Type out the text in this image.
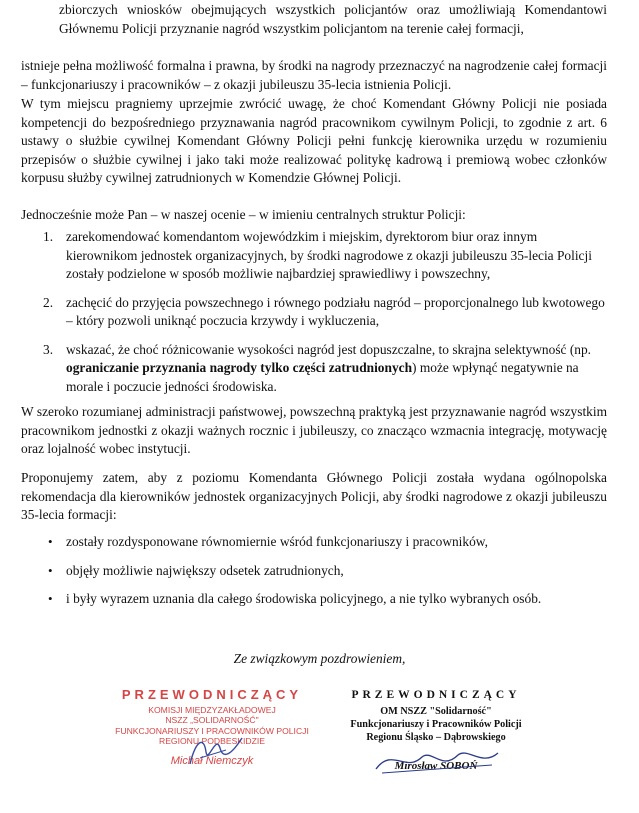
zbiorczych wniosków obejmujących wszystkich policjantów oraz umożliwiają Komendantowi Głównemu Policji przyznanie nagród wszystkim policjantom na terenie całej formacji,

istnieje pełna możliwość formalna i prawna, by środki na nagrody przeznaczyć na nagrodzenie całej formacji – funkcjonariuszy i pracowników – z okazji jubileuszu 35-lecia istnienia Policji.

W tym miejscu pragniemy uprzejmie zwrócić uwagę, że choć Komendant Główny Policji nie posiada kompetencji do bezpośredniego przyznawania nagród pracownikom cywilnym Policji, to zgodnie z art. 6 ustawy o służbie cywilnej Komendant Główny Policji pełni funkcję kierownika urzędu w rozumieniu przepisów o służbie cywilnej i jako taki może realizować politykę kadrową i premiową wobec członków korpusu służby cywilnej zatrudnionych w Komendzie Głównej Policji.

Jednocześnie może Pan – w naszej ocenie – w imieniu centralnych struktur Policji:

1. zarekomendować komendantom wojewódzkim i miejskim, dyrektorom biur oraz innym kierownikom jednostek organizacyjnych, by środki nagrodowe z okazji jubileuszu 35-lecia Policji zostały podzielone w sposób możliwie najbardziej sprawiedliwy i powszechny,
2. zachęcić do przyjęcia powszechnego i równego podziału nagród – proporcjonalnego lub kwotowego – który pozwoli uniknąć poczucia krzywdy i wykluczenia,
3. wskazać, że choć różnicowanie wysokości nagród jest dopuszczalne, to skrajna selektywność (np. ograniczanie przyznania nagrody tylko części zatrudnionych) może wpłynąć negatywnie na morale i poczucie jedności środowiska.

W szeroko rozumianej administracji państwowej, powszechną praktyką jest przyznawanie nagród wszystkim pracownikom jednostki z okazji ważnych rocznic i jubileuszy, co znacząco wzmacnia integrację, motywację oraz lojalność wobec instytucji.

Proponujemy zatem, aby z poziomu Komendanta Głównego Policji została wydana ogólnopolska rekomendacja dla kierowników jednostek organizacyjnych Policji, aby środki nagrodowe z okazji jubileuszu 35-lecia formacji:

• zostały rozdysponowane równomiernie wśród funkcjonariuszy i pracowników,
• objęły możliwie największy odsetek zatrudnionych,
• i były wyrazem uznania dla całego środowiska policyjnego, a nie tylko wybranych osób.

Ze związkowym pozdrowieniem,

PRZEWODNICZĄCY
KOMISJI MIĘDZYZAKŁADOWEJ
NSZZ „SOLIDARNOŚĆ"
FUNKCJONARIUSZY I PRACOWNIKÓW POLICJI
REGIONU PODBESKIDZIE
Michał Niemczyk
PRZEWODNICZĄCY
OM NSZZ "Solidarność"
Funkcjonariuszy i Pracowników Policji
Regionu Śląsko – Dąbrowskiego
Mirosław SOBOŃ
